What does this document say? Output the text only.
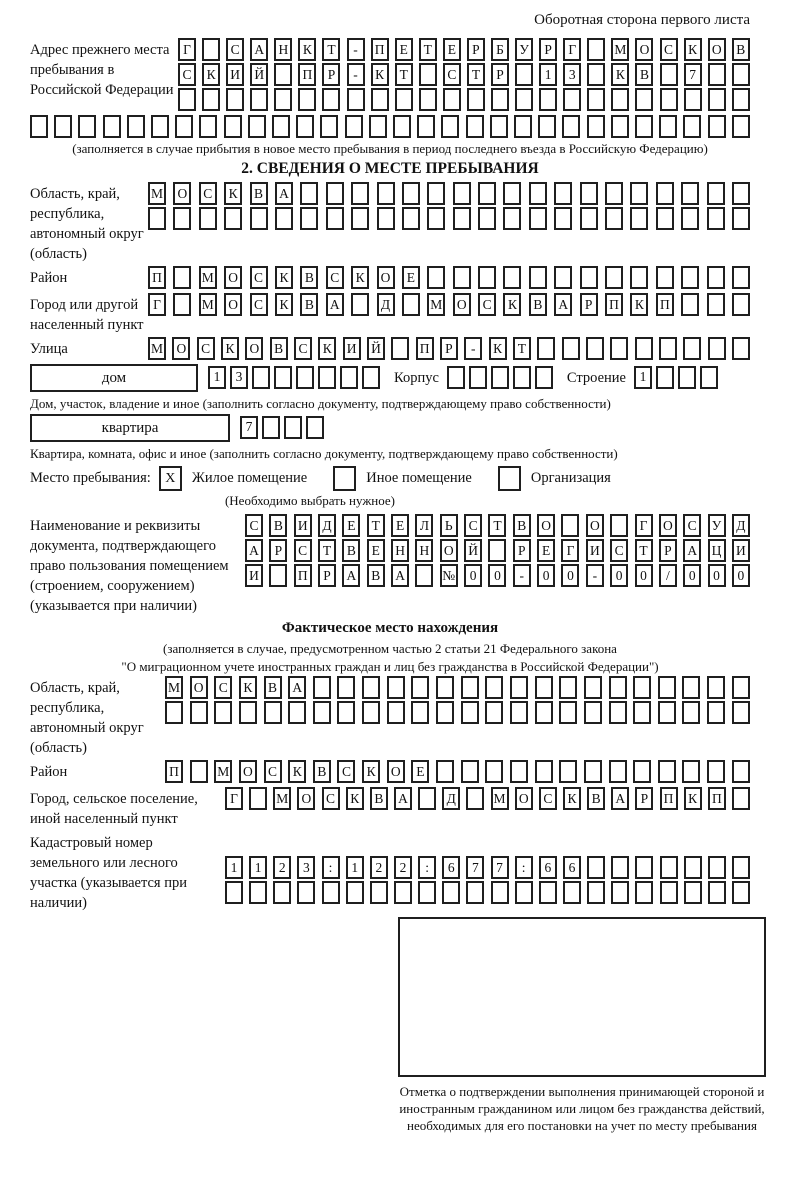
Оборотная сторона первого листа
Адрес прежнего места пребывания в Российской Федерации
Г	С	А	Н	К	Т	-	П	Е	Т	Е	Р	Б	У	Р	Г	М О	С	К	О	В
С	К	И	Й	П	Р	-	К	Т	С	Т	Р	1	3	К	В	7
(заполняется в случае прибытия в новое место пребывания в период последнего въезда в Российскую Федерацию)
2. СВЕДЕНИЯ О МЕСТЕ ПРЕБЫВАНИЯ
Область, край, республика, автономный округ (область)
М	О	С	К	В	А
Район	П	М	О	С	К	В	С	К	О	Е
Город или другой населенный пункт
Г	М	О	С	К	В	А	Д	М	О	С	К	В	А	Р	П	К	П
Улица	М О	С	К	О	В	С	К	И	Й	П	Р	-	К	Т
дом	1	3	Корпус	Строение	1
Дом, участок, владение и иное (заполнить согласно документу, подтверждающему право собственности)
квартира	7
Квартира, комната, офис и иное (заполнить согласно документу, подтверждающему право собственности)
Место пребывания:	X	Жилое помещение	Иное помещение	Организация
(Необходимо выбрать нужное)
Наименование и реквизиты документа, подтверждающего право пользования помещением (строением, сооружением) (указывается при наличии)
С	В	И	Д	Е	Т	Е	Л	Ь	С	Т	В	О	О	Г	О	С	У	Д
А	Р	С	Т	В	Е	Н	Н	О	Й	Р	Е	Г	И	С	Т	Р	А	Ц	И
И	П	Р	А	В	А	№	0	0	-	0	0	-	0	0	/	0	0	0
Фактическое место нахождения
(заполняется в случае, предусмотренном частью 2 статьи 21 Федерального закона
"О миграционном учете иностранных граждан и лиц без гражданства в Российской Федерации")
Область, край, республика, автономный округ (область)
М	О	С	К	В	А
Район	П	М	О	С	К	В	С	К	О	Е
Город, сельское поселение, иной населенный пункт
Г	М О	С	К	В	А	Д	М О	С	К	В	А	Р	П	К	П
Кадастровый номер земельного или лесного участка (указывается при наличии)
1	1	2	3	:	1	2	2	:	6	7	7	:	6	6
Отметка о подтверждении выполнения принимающей стороной и иностранным гражданином или лицом без гражданства действий, необходимых для его постановки на учет по месту пребывания
